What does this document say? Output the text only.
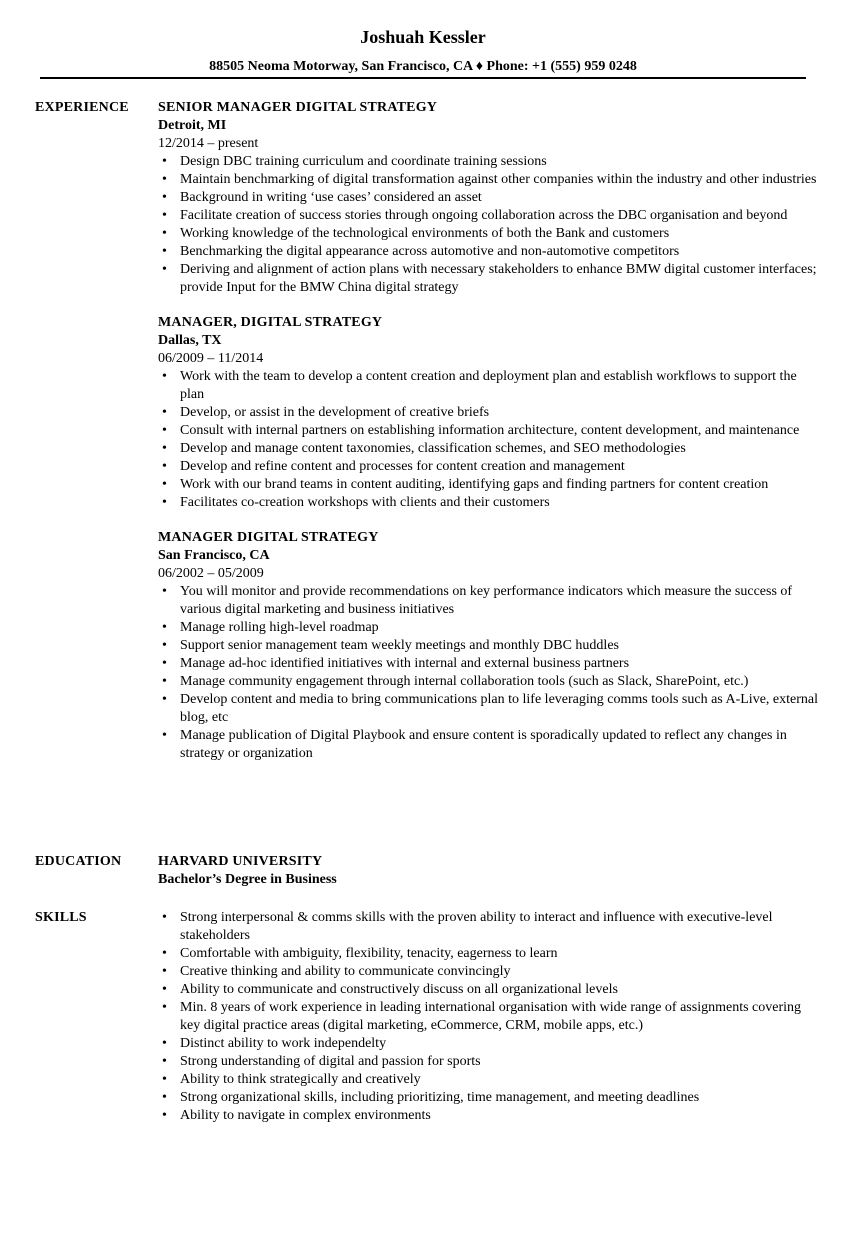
Joshuah Kessler
88505 Neoma Motorway, San Francisco, CA ♦ Phone: +1 (555) 959 0248
EXPERIENCE SENIOR MANAGER DIGITAL STRATEGY
Detroit, MI
12/2014 – present
• Design DBC training curriculum and coordinate training sessions
• Maintain benchmarking of digital transformation against other companies within the industry and other industries
• Background in writing ‘use cases’ considered an asset
• Facilitate creation of success stories through ongoing collaboration across the DBC organisation and beyond
• Working knowledge of the technological environments of both the Bank and customers
• Benchmarking the digital appearance across automotive and non-automotive competitors
• Deriving and alignment of action plans with necessary stakeholders to enhance BMW digital customer interfaces; provide Input for the BMW China digital strategy
MANAGER, DIGITAL STRATEGY
Dallas, TX
06/2009 – 11/2014
• Work with the team to develop a content creation and deployment plan and establish workflows to support the plan
• Develop, or assist in the development of creative briefs
• Consult with internal partners on establishing information architecture, content development, and maintenance
• Develop and manage content taxonomies, classification schemes, and SEO methodologies
• Develop and refine content and processes for content creation and management
• Work with our brand teams in content auditing, identifying gaps and finding partners for content creation
• Facilitates co-creation workshops with clients and their customers
MANAGER DIGITAL STRATEGY
San Francisco, CA
06/2002 – 05/2009
• You will monitor and provide recommendations on key performance indicators which measure the success of various digital marketing and business initiatives
• Manage rolling high-level roadmap
• Support senior management team weekly meetings and monthly DBC huddles
• Manage ad-hoc identified initiatives with internal and external business partners
• Manage community engagement through internal collaboration tools (such as Slack, SharePoint, etc.)
• Develop content and media to bring communications plan to life leveraging comms tools such as A-Live, external blog, etc
• Manage publication of Digital Playbook and ensure content is sporadically updated to reflect any changes in strategy or organization
EDUCATION	HARVARD UNIVERSITY
Bachelor’s Degree in Business
SKILLS
•	Strong interpersonal & comms skills with the proven ability to interact and influence with executive-level stakeholders
• Comfortable with ambiguity, flexibility, tenacity, eagerness to learn
• Creative thinking and ability to communicate convincingly
• Ability to communicate and constructively discuss on all organizational levels
• Min. 8 years of work experience in leading international organisation with wide range of assignments covering key digital practice areas (digital marketing, eCommerce, CRM, mobile apps, etc.)
• Distinct ability to work independelty
• Strong understanding of digital and passion for sports
• Ability to think strategically and creatively
• Strong organizational skills, including prioritizing, time management, and meeting deadlines
• Ability to navigate in complex environments
